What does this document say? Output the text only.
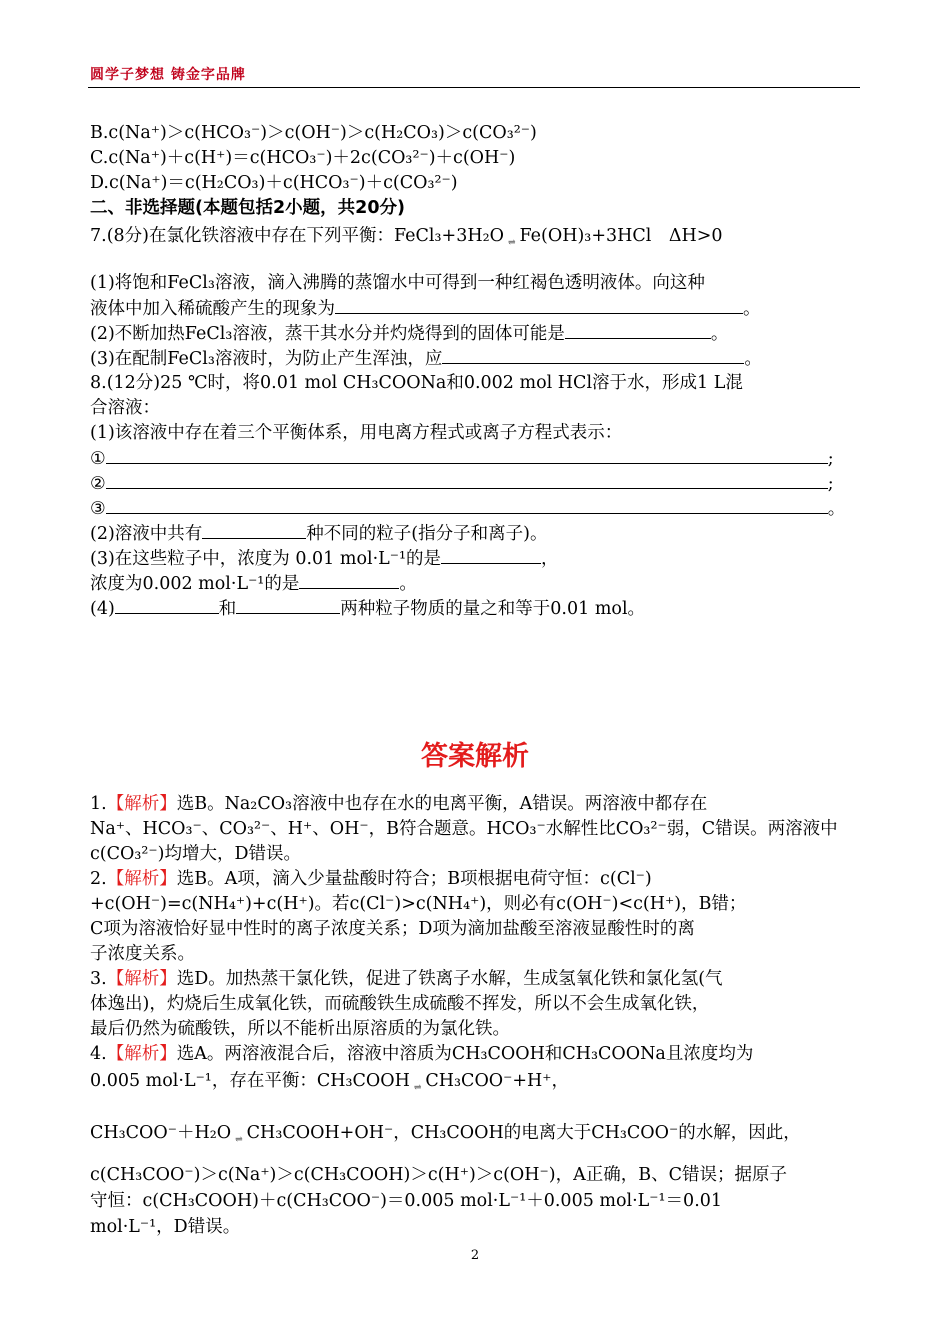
圆学子梦想 铸金字品牌
B.c(Na⁺)＞c(HCO₃⁻)＞c(OH⁻)＞c(H₂CO₃)＞c(CO₃²⁻)
C.c(Na⁺)＋c(H⁺)＝c(HCO₃⁻)＋2c(CO₃²⁻)＋c(OH⁻)
D.c(Na⁺)＝c(H₂CO₃)＋c(HCO₃⁻)＋c(CO₃²⁻)
二、非选择题(本题包括2小题，共20分)
7.(8分)在氯化铁溶液中存在下列平衡：FeCl₃+3H₂O ⇌ Fe(OH)₃+3HCl　ΔH>0
(1)将饱和FeCl₃溶液，滴入沸腾的蒸馏水中可得到一种红褐色透明液体。向这种
液体中加入稀硫酸产生的现象为	。
(2)不断加热FeCl₃溶液，蒸干其水分并灼烧得到的固体可能是	。
(3)在配制FeCl₃溶液时，为防止产生浑浊，应	。
8.(12分)25 ℃时，将0.01 mol CH₃COONa和0.002 mol HCl溶于水，形成1 L混
合溶液：
(1)该溶液中存在着三个平衡体系，用电离方程式或离子方程式表示：
①	;
②	;
③	。
(2)溶液中共有	种不同的粒子(指分子和离子)。
(3)在这些粒子中，浓度为 0.01 mol·L⁻¹的是	，
浓度为0.002 mol·L⁻¹的是	。
(4)	和	两种粒子物质的量之和等于0.01 mol。
答案解析
1.【解析】选B。Na₂CO₃溶液中也存在水的电离平衡，A错误。两溶液中都存在
Na⁺、HCO₃⁻、CO₃²⁻、H⁺、OH⁻，B符合题意。HCO₃⁻水解性比CO₃²⁻弱，C错误。两溶液中
c(CO₃²⁻)均增大，D错误。
2.【解析】选B。A项，滴入少量盐酸时符合；B项根据电荷守恒：c(Cl⁻)
+c(OH⁻)=c(NH₄⁺)+c(H⁺)。若c(Cl⁻)>c(NH₄⁺)，则必有c(OH⁻)<c(H⁺)，B错；
C项为溶液恰好显中性时的离子浓度关系；D项为滴加盐酸至溶液显酸性时的离
子浓度关系。
3.【解析】选D。加热蒸干氯化铁，促进了铁离子水解，生成氢氧化铁和氯化氢(气
体逸出)，灼烧后生成氧化铁，而硫酸铁生成硫酸不挥发，所以不会生成氧化铁，
最后仍然为硫酸铁，所以不能析出原溶质的为氯化铁。
4.【解析】选A。两溶液混合后，溶液中溶质为CH₃COOH和CH₃COONa且浓度均为
0.005 mol·L⁻¹，存在平衡：CH₃COOH ⇌ CH₃COO⁻+H⁺，
CH₃COO⁻＋H₂O ⇌ CH₃COOH+OH⁻，CH₃COOH的电离大于CH₃COO⁻的水解，因此，
c(CH₃COO⁻)＞c(Na⁺)＞c(CH₃COOH)＞c(H⁺)＞c(OH⁻)，A正确，B、C错误；据原子
守恒：c(CH₃COOH)＋c(CH₃COO⁻)＝0.005 mol·L⁻¹＋0.005 mol·L⁻¹＝0.01
mol·L⁻¹，D错误。
2
